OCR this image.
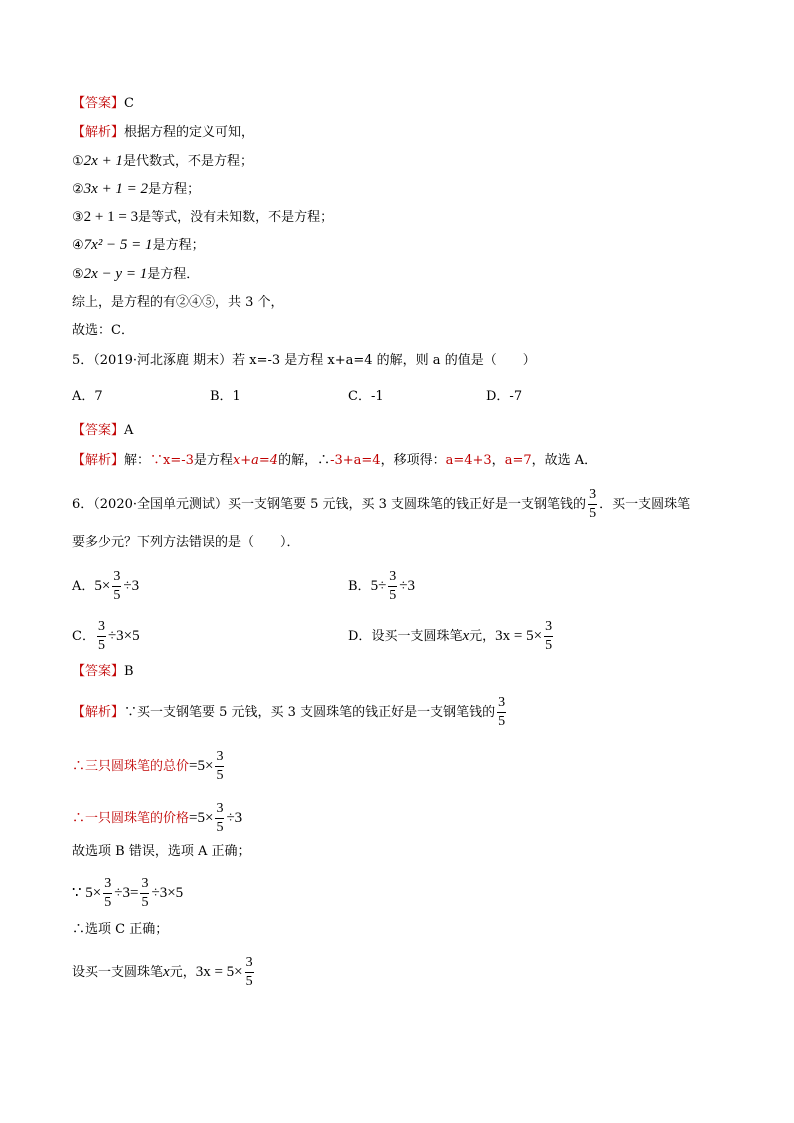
【答案】C
【解析】根据方程的定义可知，
①2x + 1是代数式，不是方程；
②3x + 1 = 2是方程；
③2 + 1 = 3是等式，没有未知数，不是方程；
④7x² − 5 = 1是方程；
⑤2x − y = 1是方程．
综上，是方程的有②④⑤，共 3 个，
故选：C．
5．（2019·河北涿鹿 期末）若 x=-3 是方程 x+a=4 的解，则 a 的值是（　　）
A．7	B．1	C．-1	D．-7
【答案】A
【解析】解：∵x=-3是方程x+a=4的解，∴-3+a=4，移项得：a=4+3，a=7，故选 A．
6．（2020·全国单元测试）买一支钢笔要 5 元钱，买 3 支圆珠笔的钱正好是一支钢笔钱的 $\frac{3}{5}$ ．买一支圆珠笔
要多少元？下列方法错误的是（　　）．
A．$5\times \frac{3}{5} \div 3$	B．$5\div \frac{3}{5} \div 3$
C． $\frac{3}{5} \div 3\times 5$	D．设买一支圆珠笔x元，$3x = 5\times \frac{3}{5}$
【答案】B
【解析】∵买一支钢笔要 5 元钱，买 3 支圆珠笔的钱正好是一支钢笔钱的 $\frac{3}{5}$
∴三只圆珠笔的总价$=5\times \frac{3}{5}$
∴一只圆珠笔的价格$=5\times \frac{3}{5} \div 3$
故选项 B 错误，选项 A 正确；
∵ $5\times \frac{3}{5} \div 3= \frac{3}{5} \div 3\times 5$
∴选项 C 正确；
设买一支圆珠笔x元，$3x = 5\times \frac{3}{5}$
